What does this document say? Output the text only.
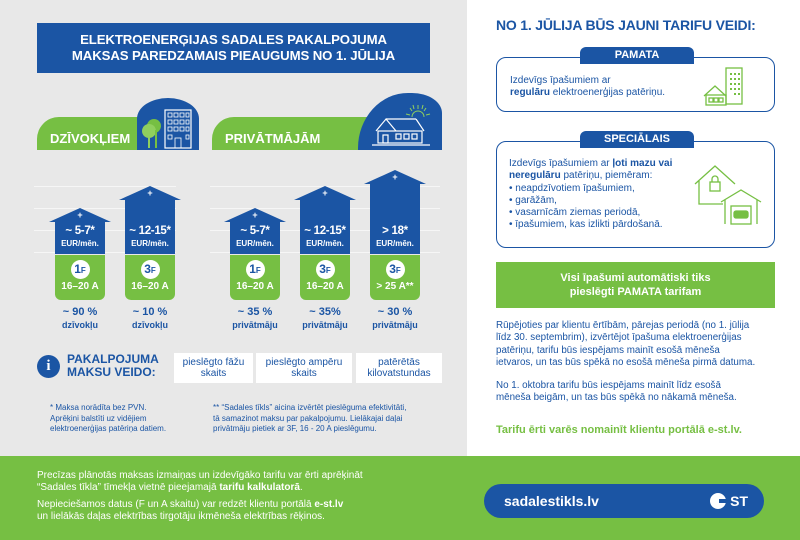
ELEKTROENERĢIJAS SADALES PAKALPOJUMA
MAKSAS PAREDZAMAIS PIEAUGUMS NO 1. JŪLIJA
DZĪVOKĻIEM	PRIVĀTMĀJĀM
+
~ 5-7*
EUR/mēn.
1F
16–20 A
~ 90 %
dzīvokļu
+
~ 12-15*
EUR/mēn.
3F
16–20 A
~ 10 %
dzīvokļu
+
~ 5-7*
EUR/mēn.
1F
16–20 A
~ 35 %
privātmāju
+
~ 12-15*
EUR/mēn.
3F
16–20 A
~ 35%
privātmāju
+
> 18*
EUR/mēn.
3F
> 25 A**
~ 30 %
privātmāju
i	PAKALPOJUMA
MAKSU VEIDO:
pieslēgto fāžu
skaits
pieslēgto ampēru
skaits
patērētās
kilovatstundas
* Maksa norādīta bez PVN.
Aprēķini balstīti uz vidējiem
elektroenerģijas patēriņa datiem.
** “Sadales tīkls” aicina izvērtēt pieslēguma efektivitāti,
tā samazinot maksu par pakalpojumu. Lielākajai daļai
privātmāju pietiek ar 3F, 16 - 20 A pieslēgumu.
NO 1. JŪLIJA BŪS JAUNI TARIFU VEIDI:
PAMATA
Izdevīgs īpašumiem ar
regulāru elektroenerģijas patēriņu.
SPECIĀLAIS
Izdevīgs īpašumiem ar ļoti mazu vai
neregulāru patēriņu, piemēram:
• neapdzīvotiem īpašumiem,
• garāžām,
• vasarnīcām ziemas periodā,
• īpašumiem, kas izlikti pārdošanā.
Visi īpašumi automātiski tiks
pieslēgti PAMATA tarifam
Rūpējoties par klientu ērtībām, pārejas periodā (no 1. jūlija
līdz 30. septembrim), izvērtējot īpašuma elektroenerģijas
patēriņu, tarifu būs iespējams mainīt esošā mēneša
ietvaros, un tas būs spēkā no esošā mēneša pirmā datuma.
No 1. oktobra tarifu būs iespējams mainīt līdz esošā
mēneša beigām, un tas būs spēkā no nākamā mēneša.
Tarifu ērti varēs nomainīt klientu portālā e-st.lv.
Precīzas plānotās maksas izmaiņas un izdevīgāko tarifu var ērti aprēķināt
“Sadales tīkla” tīmekļa vietnē pieejamajā tarifu kalkulatorā.
Nepieciešamos datus (F un A skaitu) var redzēt klientu portālā e-st.lv
un lielākās daļas elektrības tirgotāju ikmēneša elektrības rēķinos.
sadalestikls.lv	ST
